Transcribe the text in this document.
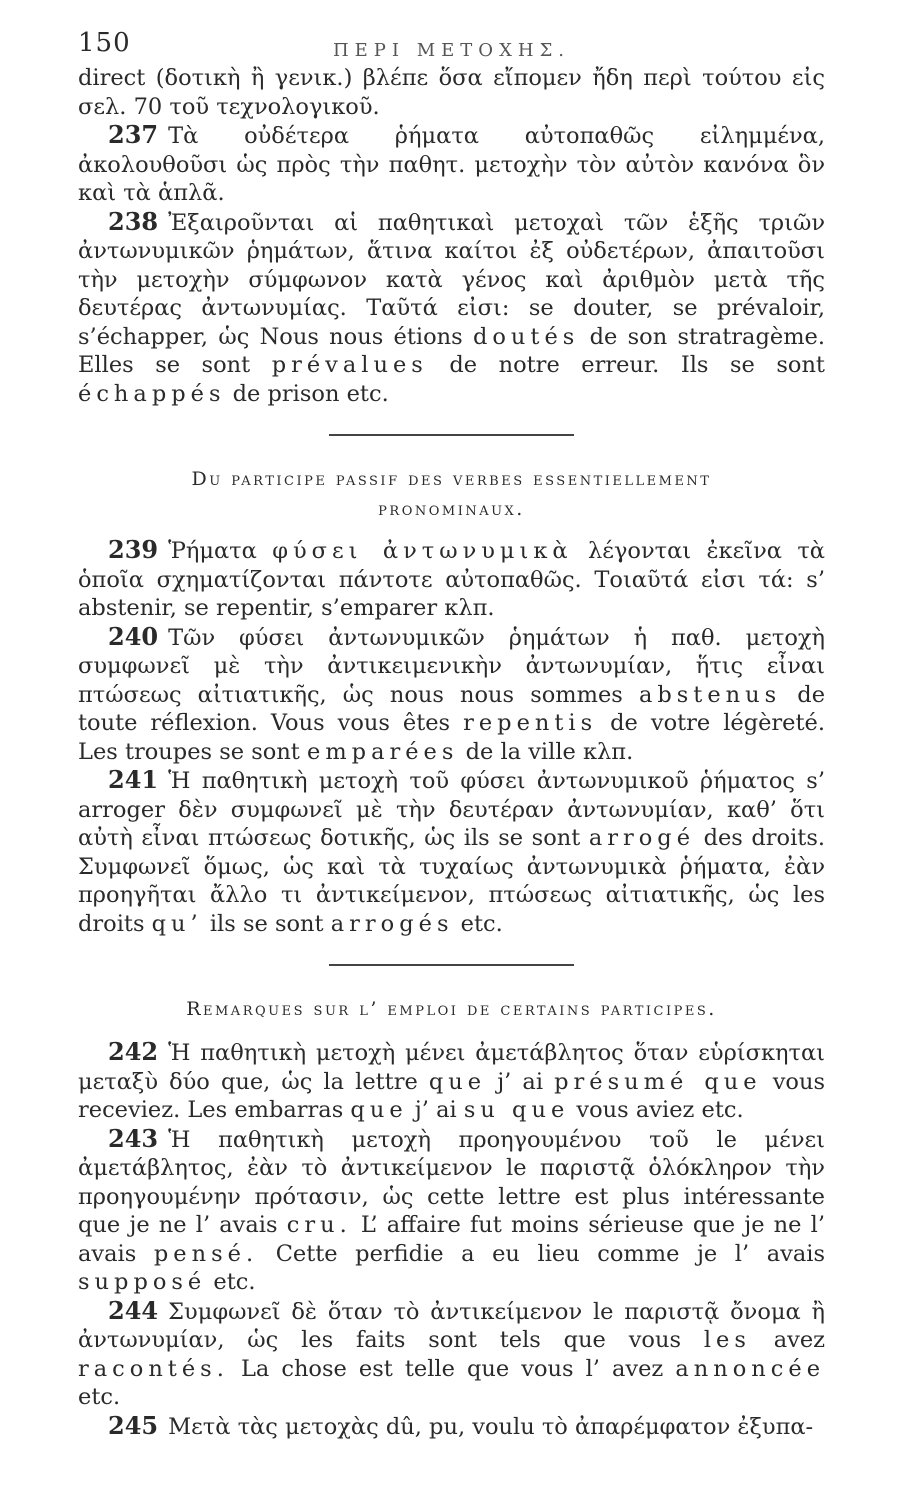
150	ΠΕΡΙ ΜΕΤΟΧΗΣ.

direct (δοτικὴ ἢ γενικ.) βλέπε ὅσα εἴπομεν ἤδη περὶ τούτου εἰς σελ. 70 τοῦ τεχνολογικοῦ.

237 Τὰ οὐδέτερα ῥήματα αὐτοπαθῶς εἰλημμένα, ἀκολουθοῦσι ὡς πρὸς τὴν παθητ. μετοχὴν τὸν αὐτὸν κανόνα ὃν καὶ τὰ ἁπλᾶ.

238 Ἐξαιροῦνται αἱ παθητικαὶ μετοχαὶ τῶν ἑξῆς τριῶν ἀντωνυμικῶν ῥημάτων, ἅτινα καίτοι ἐξ οὐδετέρων, ἀπαιτοῦσι τὴν μετοχὴν σύμφωνον κατὰ γένος καὶ ἀριθμὸν μετὰ τῆς δευτέρας ἀντωνυμίας. Ταῦτά εἰσι: se douter, se prévaloir, s’échapper, ὡς Nous nous étions doutés de son stratragème. Elles se sont prévalues de notre erreur. Ils se sont échappés de prison etc.

Du participe passif des verbes essentiellement

pronominaux.

239 Ῥήματα φύσει ἀντωνυμικὰ λέγονται ἐκεῖνα τὰ ὁποῖα σχηματίζονται πάντοτε αὐτοπαθῶς. Τοιαῦτά εἰσι τά: s’ abstenir, se repentir, s’emparer κλπ.

240 Τῶν φύσει ἀντωνυμικῶν ῥημάτων ἡ παθ. μετοχὴ συμφωνεῖ μὲ τὴν ἀντικειμενικὴν ἀντωνυμίαν, ἥτις εἶναι πτώσεως αἰτιατικῆς, ὡς nous nous sommes abstenus de toute réflexion. Vous vous êtes repentis de votre légèreté. Les troupes se sont emparées de la ville κλπ.

241 Ἡ παθητικὴ μετοχὴ τοῦ φύσει ἀντωνυμικοῦ ῥήματος s’ arroger δὲν συμφωνεῖ μὲ τὴν δευτέραν ἀντωνυμίαν, καθ’ ὅτι αὐτὴ εἶναι πτώσεως δοτικῆς, ὡς ils se sont arrogé des droits. Συμφωνεῖ ὅμως, ὡς καὶ τὰ τυχαίως ἀντωνυμικὰ ῥήματα, ἐὰν προηγῆται ἄλλο τι ἀντικείμενον, πτώσεως αἰτιατικῆς, ὡς les droits qu’ ils se sont arrogés etc.

Remarques sur l’ emploi de certains participes.

242 Ἡ παθητικὴ μετοχὴ μένει ἀμετάβλητος ὅταν εὑρίσκηται μεταξὺ δύο que, ὡς la lettre que j’ ai présumé que vous receviez. Les embarras que j’ ai su que vous aviez etc.

243 Ἡ παθητικὴ μετοχὴ προηγουμένου τοῦ le μένει ἀμετάβλητος, ἐὰν τὸ ἀντικείμενον le παριστᾷ ὁλόκληρον τὴν προηγουμένην πρότασιν, ὡς cette lettre est plus intéressante que je ne l’ avais cru. L’ affaire fut moins sérieuse que je ne l’ avais pensé. Cette perfidie a eu lieu comme je l’ avais supposé etc.

244 Συμφωνεῖ δὲ ὅταν τὸ ἀντικείμενον le παριστᾷ ὄνομα ἢ ἀντωνυμίαν, ὡς les faits sont tels que vous les avez racontés. La chose est telle que vous l’ avez annoncée etc.

245 Μετὰ τὰς μετοχὰς dû, pu, voulu τὸ ἀπαρέμφατον ἐξυπα-
